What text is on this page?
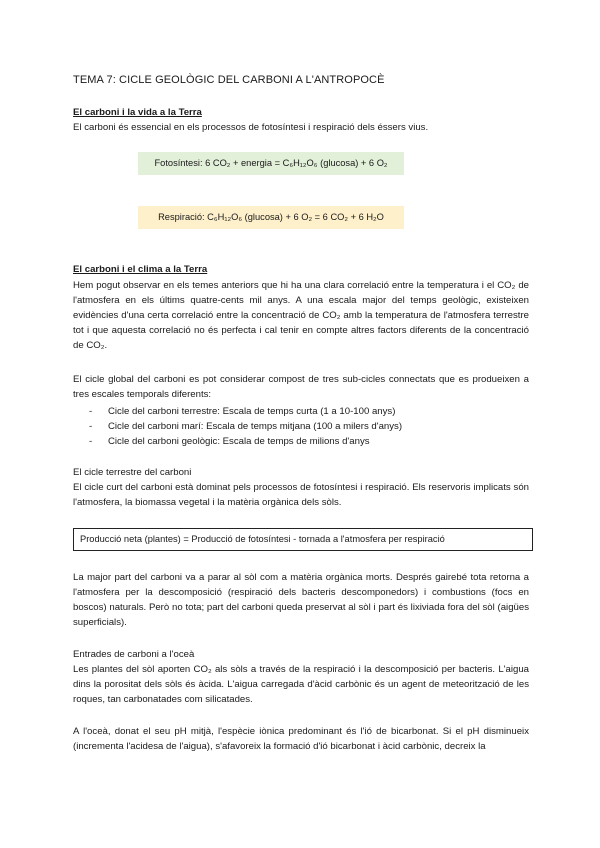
TEMA 7: CICLE GEOLÒGIC DEL CARBONI A L'ANTROPOCÈ
El carboni i la vida a la Terra
El carboni és essencial en els processos de fotosíntesi i respiració dels éssers vius.
Fotosíntesi: 6 CO₂ + energia = C₆H₁₂O₆ (glucosa) + 6 O₂
Respiració: C₆H₁₂O₆ (glucosa) + 6 O₂ = 6 CO₂ + 6 H₂O
El carboni i el clima a la Terra
Hem pogut observar en els temes anteriors que hi ha una clara correlació entre la temperatura i el CO₂ de l'atmosfera en els últims quatre-cents mil anys. A una escala major del temps geològic, existeixen evidències d'una certa correlació entre la concentració de CO₂ amb la temperatura de l'atmosfera terrestre tot i que aquesta correlació no és perfecta i cal tenir en compte altres factors diferents de la concentració de CO₂.
El cicle global del carboni es pot considerar compost de tres sub-cicles connectats que es produeixen a tres escales temporals diferents:
- Cicle del carboni terrestre: Escala de temps curta (1 a 10-100 anys)
- Cicle del carboni marí: Escala de temps mitjana (100 a milers d'anys)
- Cicle del carboni geològic: Escala de temps de milions d'anys
El cicle terrestre del carboni
El cicle curt del carboni està dominat pels processos de fotosíntesi i respiració. Els reservoris implicats són l'atmosfera, la biomassa vegetal i la matèria orgànica dels sòls.
Producció neta (plantes) = Producció de fotosíntesi - tornada a l'atmosfera per respiració
La major part del carboni va a parar al sòl com a matèria orgànica morts. Després gairebé tota retorna a l'atmosfera per la descomposició (respiració dels bacteris descomponedors) i combustions (focs en boscos) naturals. Però no tota; part del carboni queda preservat al sòl i part és lixiviada fora del sòl (aigües superficials).
Entrades de carboni a l'oceà
Les plantes del sòl aporten CO₂ als sòls a través de la respiració i la descomposició per bacteris. L'aigua dins la porositat dels sòls és àcida. L'aigua carregada d'àcid carbònic és un agent de meteorització de les roques, tan carbonatades com silicatades.
A l'oceà, donat el seu pH mitjà, l'espècie iònica predominant és l'ió de bicarbonat. Si el pH disminueix (incrementa l'acidesa de l'aigua), s'afavoreix la formació d'ió bicarbonat i àcid carbònic, decreix la
